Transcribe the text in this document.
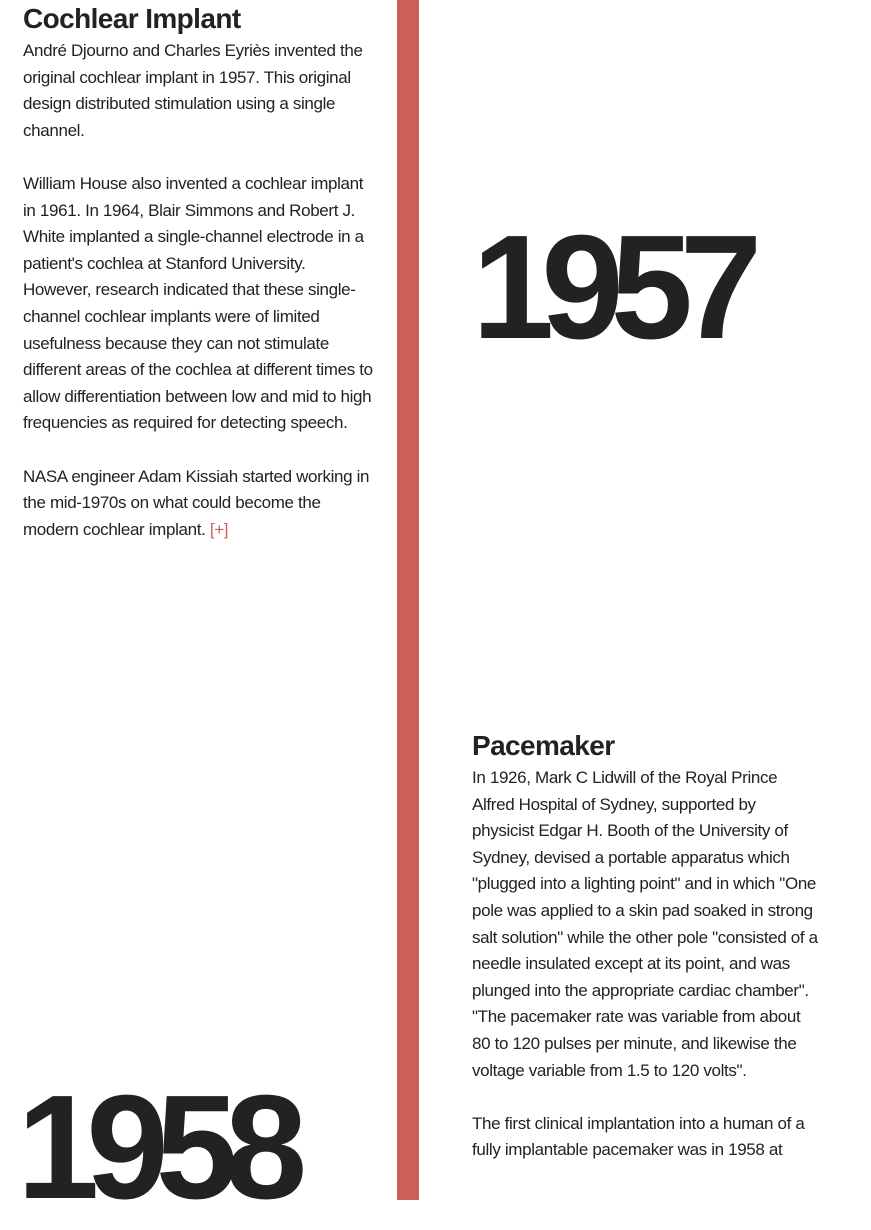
Cochlear Implant

André Djourno and Charles Eyriès invented the original cochlear implant in 1957. This original design distributed stimulation using a single channel.

William House also invented a cochlear implant in 1961. In 1964, Blair Simmons and Robert J. White implanted a single-channel electrode in a patient's cochlea at Stanford University. However, research indicated that these single-channel cochlear implants were of limited usefulness because they can not stimulate different areas of the cochlea at different times to allow differentiation between low and mid to high frequencies as required for detecting speech.

NASA engineer Adam Kissiah started working in the mid-1970s on what could become the modern cochlear implant. [+]

1957
Pacemaker

In 1926, Mark C Lidwill of the Royal Prince Alfred Hospital of Sydney, supported by physicist Edgar H. Booth of the University of Sydney, devised a portable apparatus which "plugged into a lighting point" and in which "One pole was applied to a skin pad soaked in strong salt solution" while the other pole "consisted of a needle insulated except at its point, and was plunged into the appropriate cardiac chamber". "The pacemaker rate was variable from about 80 to 120 pulses per minute, and likewise the voltage variable from 1.5 to 120 volts".

The first clinical implantation into a human of a fully implantable pacemaker was in 1958 at

1958
